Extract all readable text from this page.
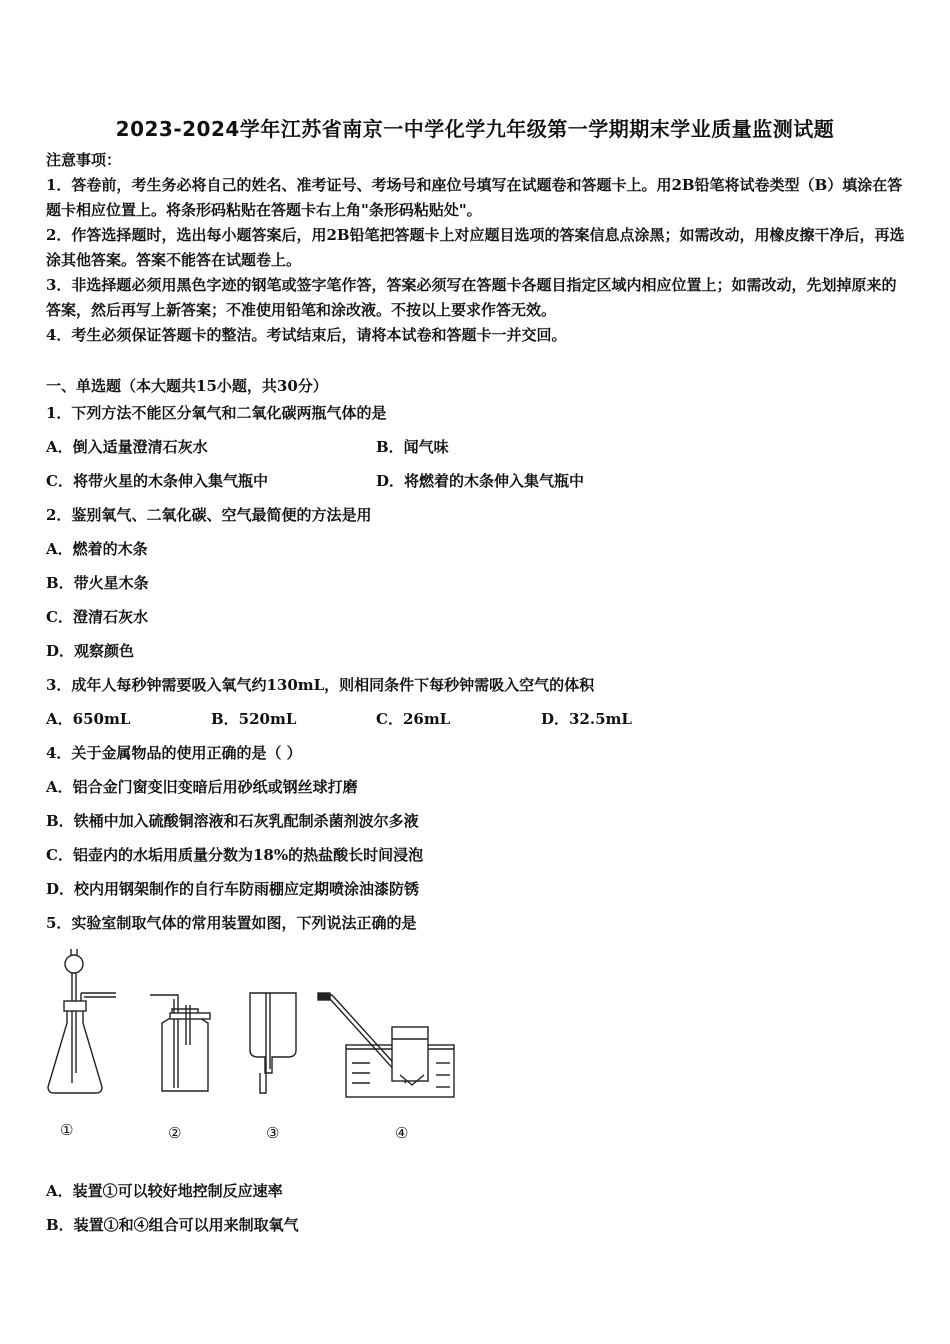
2023-2024学年江苏省南京一中学化学九年级第一学期期末学业质量监测试题

注意事项：

1．答卷前，考生务必将自己的姓名、准考证号、考场号和座位号填写在试题卷和答题卡上。用2B铅笔将试卷类型（B）填涂在答题卡相应位置上。将条形码粘贴在答题卡右上角"条形码粘贴处"。

2．作答选择题时，选出每小题答案后，用2B铅笔把答题卡上对应题目选项的答案信息点涂黑；如需改动，用橡皮擦干净后，再选涂其他答案。答案不能答在试题卷上。

3．非选择题必须用黑色字迹的钢笔或签字笔作答，答案必须写在答题卡各题目指定区域内相应位置上；如需改动，先划掉原来的答案，然后再写上新答案；不准使用铅笔和涂改液。不按以上要求作答无效。

4．考生必须保证答题卡的整洁。考试结束后，请将本试卷和答题卡一并交回。

一、单选题（本大题共15小题，共30分）
1．下列方法不能区分氧气和二氧化碳两瓶气体的是
A．倒入适量澄清石灰水	B．闻气味
C．将带火星的木条伸入集气瓶中	D．将燃着的木条伸入集气瓶中
2．鉴别氧气、二氧化碳、空气最简便的方法是用
A．燃着的木条
B．带火星木条
C．澄清石灰水
D．观察颜色
3．成年人每秒钟需要吸入氧气约130mL，则相同条件下每秒钟需吸入空气的体积
A．650mL	B．520mL	C．26mL	D．32.5mL
4．关于金属物品的使用正确的是（ ）
A．铝合金门窗变旧变暗后用砂纸或钢丝球打磨
B．铁桶中加入硫酸铜溶液和石灰乳配制杀菌剂波尔多液
C．铝壶内的水垢用质量分数为18%的热盐酸长时间浸泡
D．校内用钢架制作的自行车防雨棚应定期喷涂油漆防锈
5．实验室制取气体的常用装置如图，下列说法正确的是
①	②	③	④
A．装置①可以较好地控制反应速率
B．装置①和④组合可以用来制取氧气
